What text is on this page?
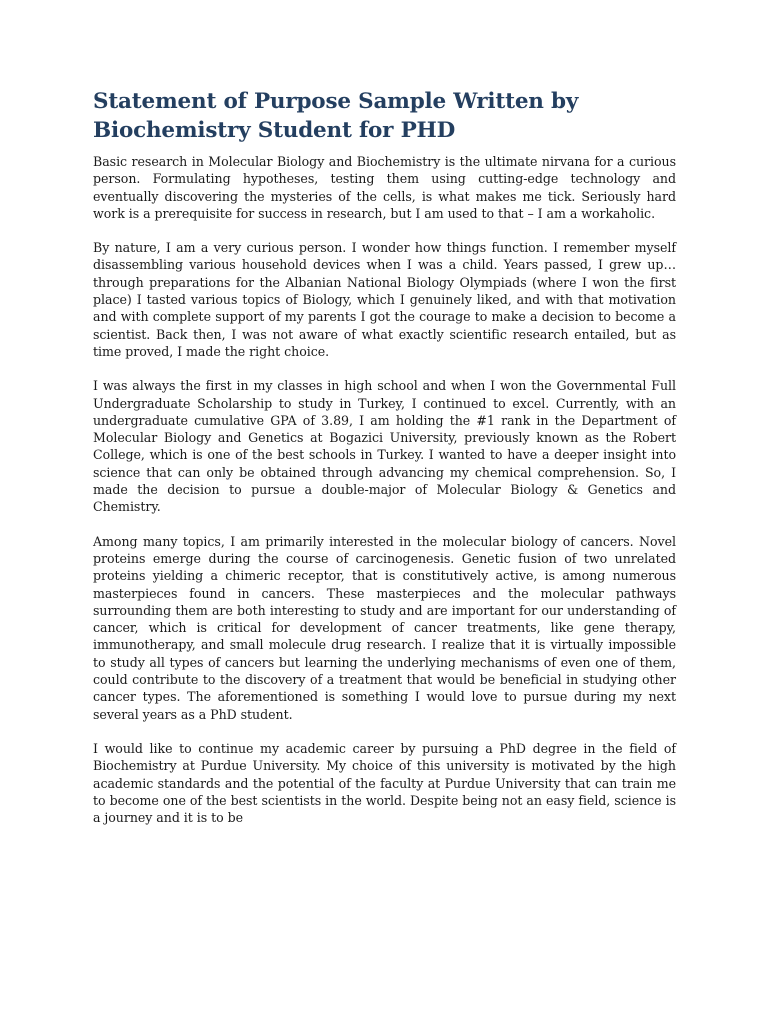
Statement of Purpose Sample Written by Biochemistry Student for PHD

Basic research in Molecular Biology and Biochemistry is the ultimate nirvana for a curious person. Formulating hypotheses, testing them using cutting-edge technology and eventually discovering the mysteries of the cells, is what makes me tick. Seriously hard work is a prerequisite for success in research, but I am used to that – I am a workaholic.

By nature, I am a very curious person. I wonder how things function. I remember myself disassembling various household devices when I was a child. Years passed, I grew up… through preparations for the Albanian National Biology Olympiads (where I won the first place) I tasted various topics of Biology, which I genuinely liked, and with that motivation and with complete support of my parents I got the courage to make a decision to become a scientist. Back then, I was not aware of what exactly scientific research entailed, but as time proved, I made the right choice.

I was always the first in my classes in high school and when I won the Governmental Full Undergraduate Scholarship to study in Turkey, I continued to excel. Currently, with an undergraduate cumulative GPA of 3.89, I am holding the #1 rank in the Department of Molecular Biology and Genetics at Bogazici University, previously known as the Robert College, which is one of the best schools in Turkey. I wanted to have a deeper insight into science that can only be obtained through advancing my chemical comprehension. So, I made the decision to pursue a double-major of Molecular Biology & Genetics and Chemistry.

Among many topics, I am primarily interested in the molecular biology of cancers. Novel proteins emerge during the course of carcinogenesis. Genetic fusion of two unrelated proteins yielding a chimeric receptor, that is constitutively active, is among numerous masterpieces found in cancers. These masterpieces and the molecular pathways surrounding them are both interesting to study and are important for our understanding of cancer, which is critical for development of cancer treatments, like gene therapy, immunotherapy, and small molecule drug research. I realize that it is virtually impossible to study all types of cancers but learning the underlying mechanisms of even one of them, could contribute to the discovery of a treatment that would be beneficial in studying other cancer types. The aforementioned is something I would love to pursue during my next several years as a PhD student.

I would like to continue my academic career by pursuing a PhD degree in the field of Biochemistry at Purdue University. My choice of this university is motivated by the high academic standards and the potential of the faculty at Purdue University that can train me to become one of the best scientists in the world. Despite being not an easy field, science is a journey and it is to be
